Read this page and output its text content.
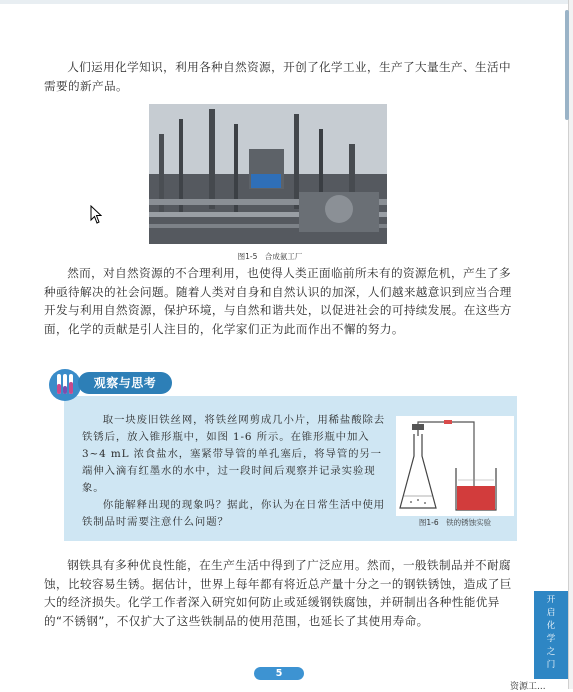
人们运用化学知识，利用各种自然资源，开创了化学工业，生产了大量生产、生活中需要的新产品。

图1-5　合成氨工厂

然而，对自然资源的不合理利用，也使得人类正面临前所未有的资源危机，产生了多种亟待解决的社会问题。随着人类对自身和自然认识的加深，人们越来越意识到应当合理开发与利用自然资源，保护环境，与自然和谐共处，以促进社会的可持续发展。在这些方面，化学的贡献是引人注目的，化学家们正为此而作出不懈的努力。

观察与思考

取一块废旧铁丝网，将铁丝网剪成几小片，用稀盐酸除去铁锈后，放入锥形瓶中，如图 1-6 所示。在锥形瓶中加入 3~4 mL 浓食盐水，塞紧带导管的单孔塞后，将导管的另一端伸入滴有红墨水的水中，过一段时间后观察并记录实验现象。

你能解释出现的现象吗？据此，你认为在日常生活中使用铁制品时需要注意什么问题？	图1-6　铁的锈蚀实验

钢铁具有多种优良性能，在生产生活中得到了广泛应用。然而，一般铁制品并不耐腐蚀，比较容易生锈。据估计，世界上每年都有将近总产量十分之一的钢铁锈蚀，造成了巨大的经济损失。化学工作者深入研究如何防止或延缓钢铁腐蚀，并研制出各种性能优异的“不锈钢”，不仅扩大了这些铁制品的使用范围，也延长了其使用寿命。

开
启
化
学
之
门
5
资源工...
